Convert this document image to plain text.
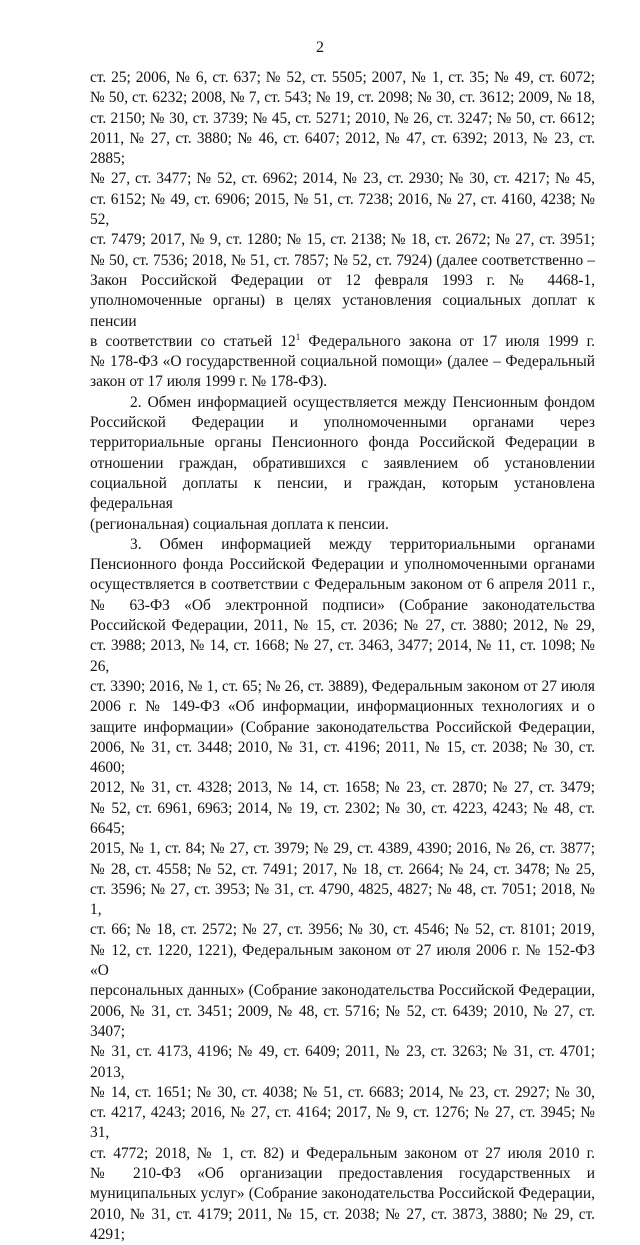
2
ст. 25; 2006, № 6, ст. 637; № 52, ст. 5505; 2007, № 1, ст. 35; № 49, ст. 6072;
№ 50, ст. 6232; 2008, № 7, ст. 543; № 19, ст. 2098; № 30, ст. 3612; 2009, № 18,
ст. 2150; № 30, ст. 3739; № 45, ст. 5271; 2010, № 26, ст. 3247; № 50, ст. 6612;
2011, № 27, ст. 3880; № 46, ст. 6407; 2012, № 47, ст. 6392; 2013, № 23, ст. 2885;
№ 27, ст. 3477; № 52, ст. 6962; 2014, № 23, ст. 2930; № 30, ст. 4217; № 45,
ст. 6152; № 49, ст. 6906; 2015, № 51, ст. 7238; 2016, № 27, ст. 4160, 4238; № 52,
ст. 7479; 2017, № 9, ст. 1280; № 15, ст. 2138; № 18, ст. 2672; № 27, ст. 3951;
№ 50, ст. 7536; 2018, № 51, ст. 7857; № 52, ст. 7924) (далее соответственно –
Закон Российской Федерации от 12 февраля 1993 г. № 4468-1,
уполномоченные органы) в целях установления социальных доплат к пенсии
в соответствии со статьей $12^1$ Федерального закона от 17 июля 1999 г.
№ 178-ФЗ «О государственной социальной помощи» (далее – Федеральный
закон от 17 июля 1999 г. № 178-ФЗ).
2. Обмен информацией осуществляется между Пенсионным фондом
Российской Федерации и уполномоченными органами через
территориальные органы Пенсионного фонда Российской Федерации в
отношении граждан, обратившихся с заявлением об установлении
социальной доплаты к пенсии, и граждан, которым установлена федеральная
(региональная) социальная доплата к пенсии.
3. Обмен информацией между территориальными органами
Пенсионного фонда Российской Федерации и уполномоченными органами
осуществляется в соответствии с Федеральным законом от 6 апреля 2011 г.,
№ 63-ФЗ «Об электронной подписи» (Собрание законодательства
Российской Федерации, 2011, № 15, ст. 2036; № 27, ст. 3880; 2012, № 29,
ст. 3988; 2013, № 14, ст. 1668; № 27, ст. 3463, 3477; 2014, № 11, ст. 1098; № 26,
ст. 3390; 2016, № 1, ст. 65; № 26, ст. 3889), Федеральным законом от 27 июля
2006 г. № 149-ФЗ «Об информации, информационных технологиях и о
защите информации» (Собрание законодательства Российской Федерации,
2006, № 31, ст. 3448; 2010, № 31, ст. 4196; 2011, № 15, ст. 2038; № 30, ст. 4600;
2012, № 31, ст. 4328; 2013, № 14, ст. 1658; № 23, ст. 2870; № 27, ст. 3479;
№ 52, ст. 6961, 6963; 2014, № 19, ст. 2302; № 30, ст. 4223, 4243; № 48, ст. 6645;
2015, № 1, ст. 84; № 27, ст. 3979; № 29, ст. 4389, 4390; 2016, № 26, ст. 3877;
№ 28, ст. 4558; № 52, ст. 7491; 2017, № 18, ст. 2664; № 24, ст. 3478; № 25,
ст. 3596; № 27, ст. 3953; № 31, ст. 4790, 4825, 4827; № 48, ст. 7051; 2018, № 1,
ст. 66; № 18, ст. 2572; № 27, ст. 3956; № 30, ст. 4546; № 52, ст. 8101; 2019,
№ 12, ст. 1220, 1221), Федеральным законом от 27 июля 2006 г. № 152-ФЗ «О
персональных данных» (Собрание законодательства Российской Федерации,
2006, № 31, ст. 3451; 2009, № 48, ст. 5716; № 52, ст. 6439; 2010, № 27, ст. 3407;
№ 31, ст. 4173, 4196; № 49, ст. 6409; 2011, № 23, ст. 3263; № 31, ст. 4701; 2013,
№ 14, ст. 1651; № 30, ст. 4038; № 51, ст. 6683; 2014, № 23, ст. 2927; № 30,
ст. 4217, 4243; 2016, № 27, ст. 4164; 2017, № 9, ст. 1276; № 27, ст. 3945; № 31,
ст. 4772; 2018, № 1, ст. 82) и Федеральным законом от 27 июля 2010 г.
№ 210-ФЗ «Об организации предоставления государственных и
муниципальных услуг» (Собрание законодательства Российской Федерации,
2010, № 31, ст. 4179; 2011, № 15, ст. 2038; № 27, ст. 3873, 3880; № 29, ст. 4291;
